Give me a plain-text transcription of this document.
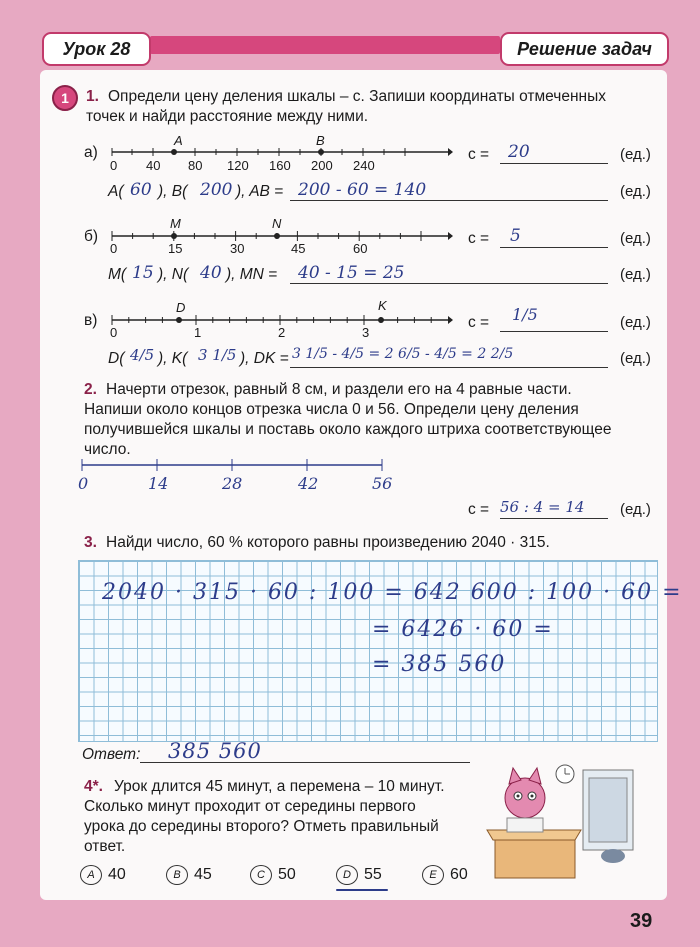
Урок 28	Решение задач
1	1. Определи цену деления шкалы – с. Запиши координаты отмеченных
точек и найди расстояние между ними.
а)
A	B
0 40 80 120 160 200 240
с = 20	(ед.)
A( 60 ), B( 200 ), AB = 200 - 60 = 140	(ед.)
б)
M	N
0	15	30	45	60
с = 5	(ед.)
M( 15 ), N( 40 ), MN = 40 - 15 = 25	(ед.)
в)
D	K
0	1	2	3
с = 1/5	(ед.)
D( 4/5 ), K( 3 1/5 ), DK = 3 1/5 - 4/5 = 2 6/5 - 4/5 = 2 2/5	(ед.)
2. Начерти отрезок, равный 8 см, и раздели его на 4 равные части.
Напиши около концов отрезка числа 0 и 56. Определи цену деления
получившейся шкалы и поставь около каждого штриха соответствующее
число.
0	14	28	42	56
с = 56 : 4 = 14 (ед.)
3. Найди число, 60 % которого равны произведению 2040 · 315.
2040 · 315 · 60 : 100 = 642 600 : 100 · 60 =
= 6426 · 60 =
= 385 560
Ответ: 385 560
4*. Урок длится 45 минут, а перемена – 10 минут.
Сколько минут проходит от середины первого
урока до середины второго? Отметь правильный
ответ.
А 40	В 45	С 50	D 55	Е 60
39
